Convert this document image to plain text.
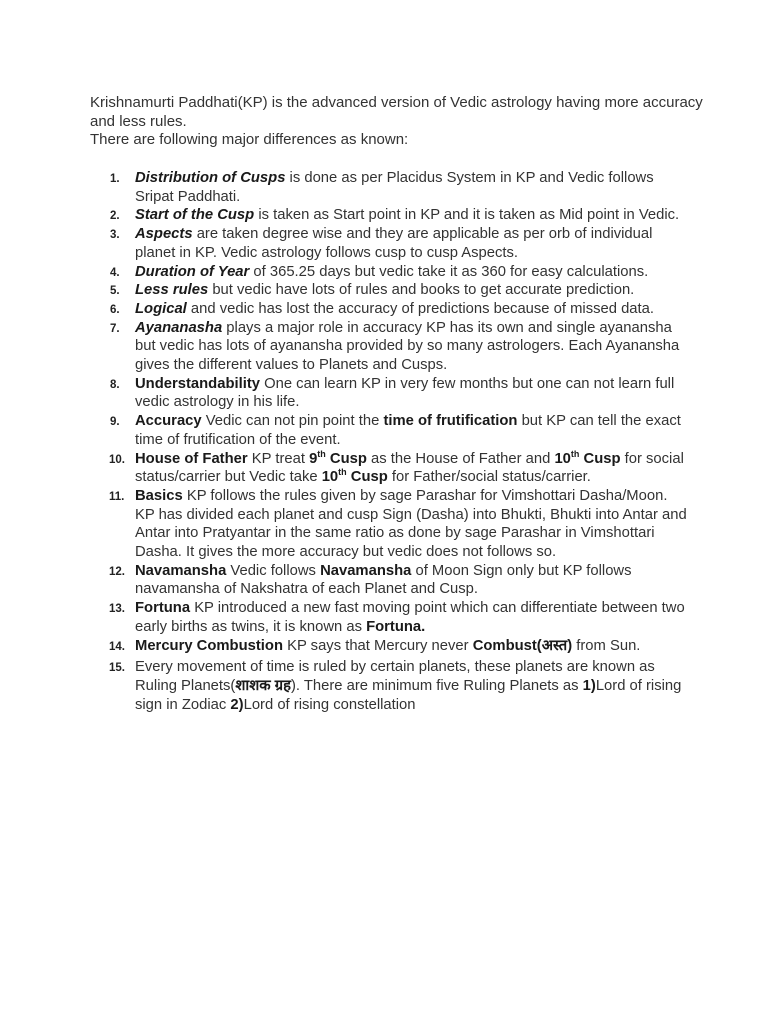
Krishnamurti Paddhati(KP) is the advanced version of Vedic astrology having more accuracy and less rules.

There are following major differences as known:

1. Distribution of Cusps is done as per Placidus System in KP and Vedic follows Sripat Paddhati.
2. Start of the Cusp is taken as Start point in KP and it is taken as Mid point in Vedic.
3. Aspects are taken degree wise and they are applicable as per orb of individual planet in KP. Vedic astrology follows cusp to cusp Aspects.
4. Duration of Year of 365.25 days but vedic take it as 360 for easy calculations.
5. Less rules but vedic have lots of rules and books to get accurate prediction.
6. Logical and vedic has lost the accuracy of predictions because of missed data.
7. Ayananasha plays a major role in accuracy KP has its own and single ayanansha but vedic has lots of ayanansha provided by so many astrologers. Each Ayanansha gives the different values to Planets and Cusps.
8. Understandability One can learn KP in very few months but one can not learn full vedic astrology in his life.
9. Accuracy Vedic can not pin point the time of frutification but KP can tell the exact time of frutification of the event.
10. House of Father KP treat 9th Cusp as the House of Father and 10th Cusp for social status/carrier but Vedic take 10th Cusp for Father/social status/carrier.
11. Basics KP follows the rules given by sage Parashar for Vimshottari Dasha/Moon. KP has divided each planet and cusp Sign (Dasha) into Bhukti, Bhukti into Antar and Antar into Pratyantar in the same ratio as done by sage Parashar in Vimshottari Dasha. It gives the more accuracy but vedic does not follows so.
12. Navamansha Vedic follows Navamansha of Moon Sign only but KP follows navamansha of Nakshatra of each Planet and Cusp.
13. Fortuna KP introduced a new fast moving point which can differentiate between two early births as twins, it is known as Fortuna.
14. Mercury Combustion KP says that Mercury never Combust(अस्त) from Sun.
15. Every movement of time is ruled by certain planets, these planets are known as Ruling Planets(शाशक ग्रह). There are minimum five Ruling Planets as 1)Lord of rising sign in Zodiac 2)Lord of rising constellation
